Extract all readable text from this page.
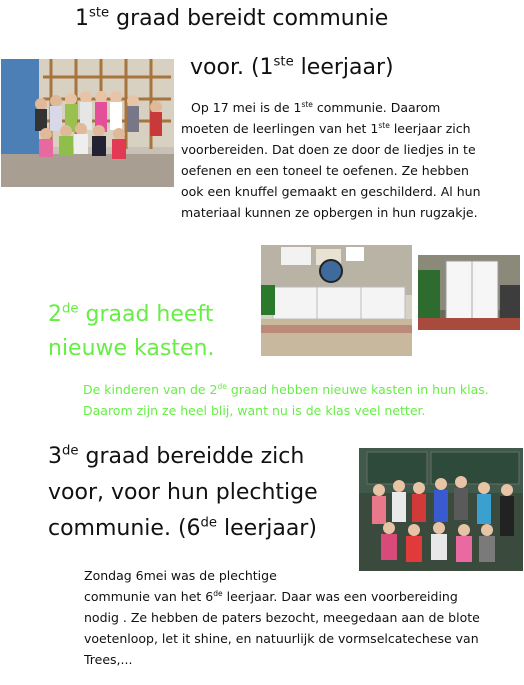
1ste graad bereidt communie
voor. (1ste leerjaar)
Op 17 mei is de 1ste communie. Daarom
moeten de leerlingen van het 1ste leerjaar zich
voorbereiden. Dat doen ze door de liedjes in te
oefenen en een toneel te oefenen. Ze hebben
ook een knuffel gemaakt en geschilderd. Al hun
materiaal kunnen ze opbergen in hun rugzakje.
2de graad heeft
nieuwe kasten.
De kinderen van de 2de graad hebben nieuwe kasten in hun klas.
Daarom zijn ze heel blij, want nu is de klas veel netter.
3de graad bereidde zich
voor, voor hun plechtige
communie. (6de leerjaar)
Zondag 6mei was de plechtige
communie van het 6de leerjaar. Daar was een voorbereiding
nodig . Ze hebben de paters bezocht, meegedaan aan de blote
voetenloop, let it shine, en natuurlijk de vormselcatechese van
Trees,...
